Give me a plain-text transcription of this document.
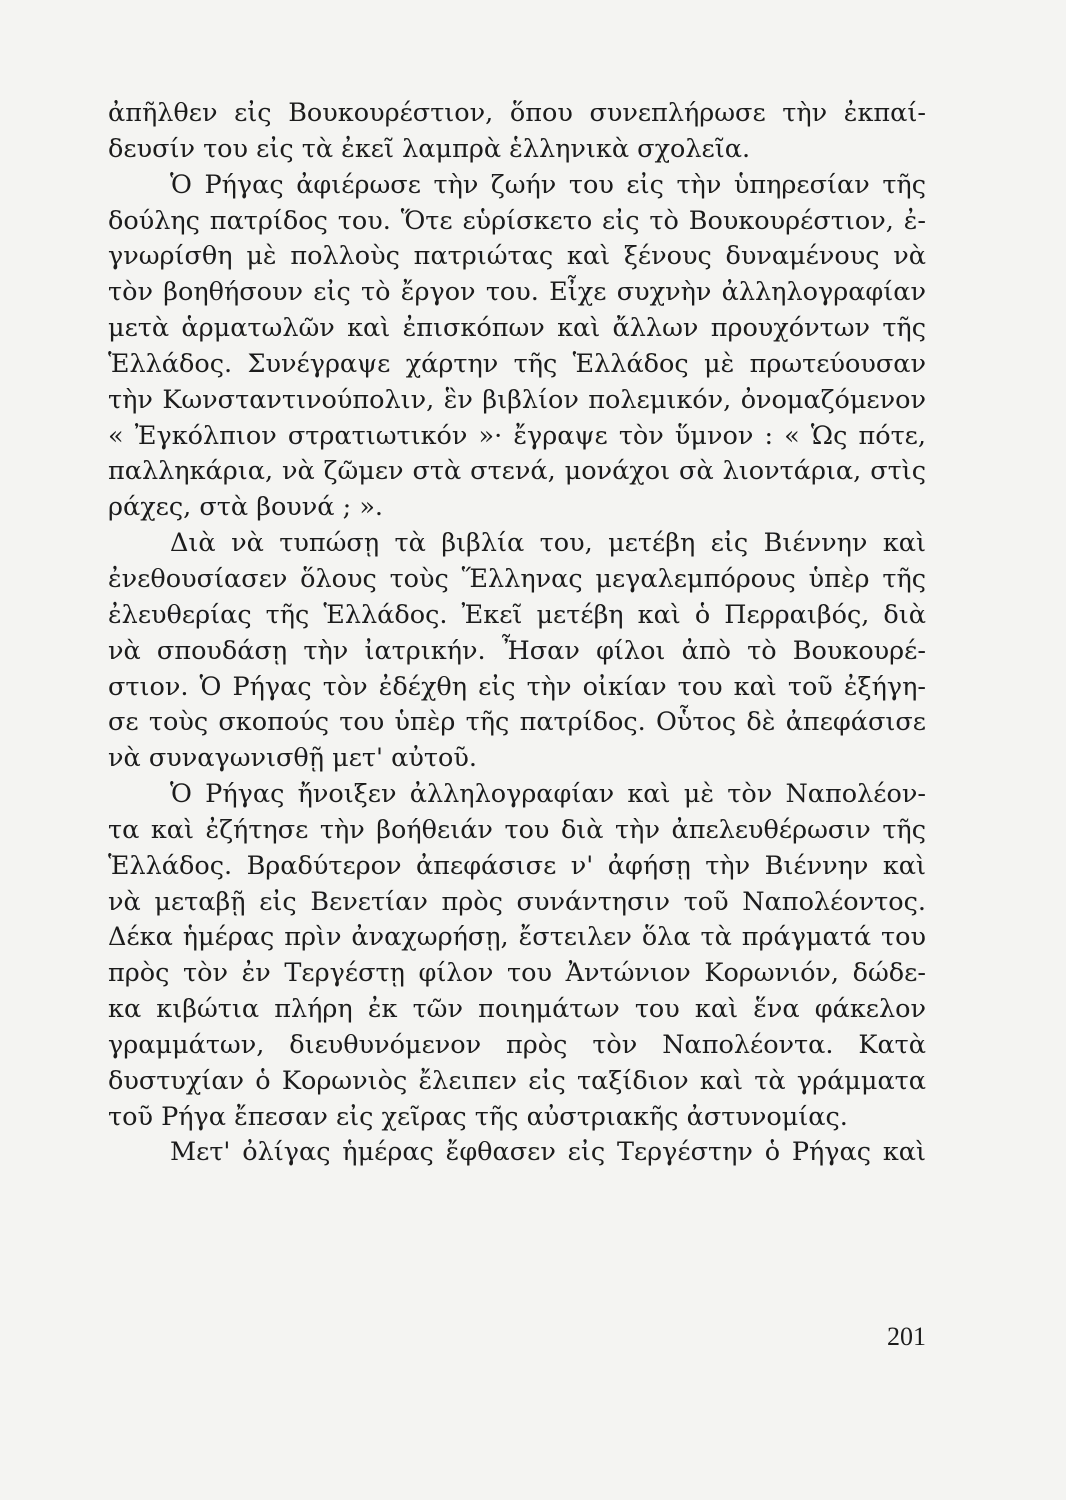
ἀπῆλθεν εἰς Βουκουρέστιον, ὅπου συνεπλήρωσε τὴν ἐκπαί-
δευσίν του εἰς τὰ ἐκεῖ λαμπρὰ ἑλληνικὰ σχολεῖα.
Ὁ Ρήγας ἀφιέρωσε τὴν ζωήν του εἰς τὴν ὑπηρεσίαν τῆς
δούλης πατρίδος του. Ὅτε εὑρίσκετο εἰς τὸ Βουκουρέστιον, ἐ-
γνωρίσθη μὲ πολλοὺς πατριώτας καὶ ξένους δυναμένους νὰ
τὸν βοηθήσουν εἰς τὸ ἔργον του. Εἶχε συχνὴν ἀλληλογραφίαν
μετὰ ἁρματωλῶν καὶ ἐπισκόπων καὶ ἄλλων προυχόντων τῆς
Ἑλλάδος. Συνέγραψε χάρτην τῆς Ἑλλάδος μὲ πρωτεύουσαν
τὴν Κωνσταντινούπολιν, ἓν βιβλίον πολεμικόν, ὀνομαζόμενον
« Ἐγκόλπιον στρατιωτικόν »· ἔγραψε τὸν ὕμνον : « Ὡς πότε,
παλληκάρια, νὰ ζῶμεν στὰ στενά, μονάχοι σὰ λιοντάρια, στὶς
ράχες, στὰ βουνά ; ».
Διὰ νὰ τυπώσῃ τὰ βιβλία του, μετέβη εἰς Βιέννην καὶ
ἐνεθουσίασεν ὅλους τοὺς Ἕλληνας μεγαλεμπόρους ὑπὲρ τῆς
ἐλευθερίας τῆς Ἑλλάδος. Ἐκεῖ μετέβη καὶ ὁ Περραιβός, διὰ
νὰ σπουδάσῃ τὴν ἰατρικήν. Ἦσαν φίλοι ἀπὸ τὸ Βουκουρέ-
στιον. Ὁ Ρήγας τὸν ἐδέχθη εἰς τὴν οἰκίαν του καὶ τοῦ ἐξήγη-
σε τοὺς σκοπούς του ὑπὲρ τῆς πατρίδος. Οὗτος δὲ ἀπεφάσισε
νὰ συναγωνισθῇ μετ' αὐτοῦ.
Ὁ Ρήγας ἤνοιξεν ἀλληλογραφίαν καὶ μὲ τὸν Ναπολέον-
τα καὶ ἐζήτησε τὴν βοήθειάν του διὰ τὴν ἀπελευθέρωσιν τῆς
Ἑλλάδος. Βραδύτερον ἀπεφάσισε ν' ἀφήσῃ τὴν Βιέννην καὶ
νὰ μεταβῇ εἰς Βενετίαν πρὸς συνάντησιν τοῦ Ναπολέοντος.
Δέκα ἡμέρας πρὶν ἀναχωρήσῃ, ἔστειλεν ὅλα τὰ πράγματά του
πρὸς τὸν ἐν Τεργέστῃ φίλον του Ἀντώνιον Κορωνιόν, δώδε-
κα κιβώτια πλήρη ἐκ τῶν ποιημάτων του καὶ ἕνα φάκελον
γραμμάτων, διευθυνόμενον πρὸς τὸν Ναπολέοντα. Κατὰ
δυστυχίαν ὁ Κορωνιὸς ἔλειπεν εἰς ταξίδιον καὶ τὰ γράμματα
τοῦ Ρήγα ἔπεσαν εἰς χεῖρας τῆς αὐστριακῆς ἀστυνομίας.
Μετ' ὀλίγας ἡμέρας ἔφθασεν εἰς Τεργέστην ὁ Ρήγας καὶ
201
